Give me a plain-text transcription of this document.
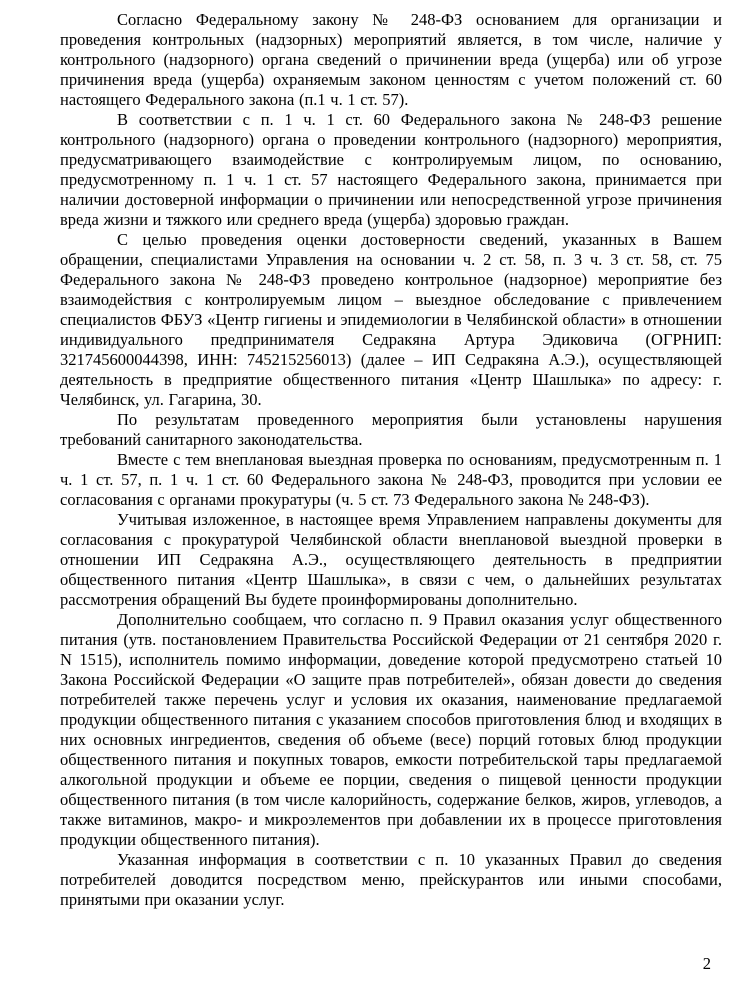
Согласно Федеральному закону № 248-ФЗ основанием для организации и проведения контрольных (надзорных) мероприятий является, в том числе, наличие у контрольного (надзорного) органа сведений о причинении вреда (ущерба) или об угрозе причинения вреда (ущерба) охраняемым законом ценностям с учетом положений ст. 60 настоящего Федерального закона (п.1 ч. 1 ст. 57).

В соответствии с п. 1 ч. 1 ст. 60 Федерального закона № 248-ФЗ решение контрольного (надзорного) органа о проведении контрольного (надзорного) мероприятия, предусматривающего взаимодействие с контролируемым лицом, по основанию, предусмотренному п. 1 ч. 1 ст. 57 настоящего Федерального закона, принимается при наличии достоверной информации о причинении или непосредственной угрозе причинения вреда жизни и тяжкого или среднего вреда (ущерба) здоровью граждан.

С целью проведения оценки достоверности сведений, указанных в Вашем обращении, специалистами Управления на основании ч. 2 ст. 58, п. 3 ч. 3 ст. 58, ст. 75 Федерального закона № 248-ФЗ проведено контрольное (надзорное) мероприятие без взаимодействия с контролируемым лицом – выездное обследование с привлечением специалистов ФБУЗ «Центр гигиены и эпидемиологии в Челябинской области» в отношении индивидуального предпринимателя Седракяна Артура Эдиковича (ОГРНИП: 321745600044398, ИНН: 745215256013) (далее – ИП Седракяна А.Э.), осуществляющей деятельность в предприятие общественного питания «Центр Шашлыка» по адресу: г. Челябинск, ул. Гагарина, 30.

По результатам проведенного мероприятия были установлены нарушения требований санитарного законодательства.

Вместе с тем внеплановая выездная проверка по основаниям, предусмотренным п. 1 ч. 1 ст. 57, п. 1 ч. 1 ст. 60 Федерального закона № 248-ФЗ, проводится при условии ее согласования с органами прокуратуры (ч. 5 ст. 73 Федерального закона № 248-ФЗ).

Учитывая изложенное, в настоящее время Управлением направлены документы для согласования с прокуратурой Челябинской области внеплановой выездной проверки в отношении ИП Седракяна А.Э., осуществляющего деятельность в предприятии общественного питания «Центр Шашлыка», в связи с чем, о дальнейших результатах рассмотрения обращений Вы будете проинформированы дополнительно.

Дополнительно сообщаем, что согласно п. 9 Правил оказания услуг общественного питания (утв. постановлением Правительства Российской Федерации от 21 сентября 2020 г. N 1515), исполнитель помимо информации, доведение которой предусмотрено статьей 10 Закона Российской Федерации «О защите прав потребителей», обязан довести до сведения потребителей также перечень услуг и условия их оказания, наименование предлагаемой продукции общественного питания с указанием способов приготовления блюд и входящих в них основных ингредиентов, сведения об объеме (весе) порций готовых блюд продукции общественного питания и покупных товаров, емкости потребительской тары предлагаемой алкогольной продукции и объеме ее порции, сведения о пищевой ценности продукции общественного питания (в том числе калорийность, содержание белков, жиров, углеводов, а также витаминов, макро- и микроэлементов при добавлении их в процессе приготовления продукции общественного питания).

Указанная информация в соответствии с п. 10 указанных Правил до сведения потребителей доводится посредством меню, прейскурантов или иными способами, принятыми при оказании услуг.

2
